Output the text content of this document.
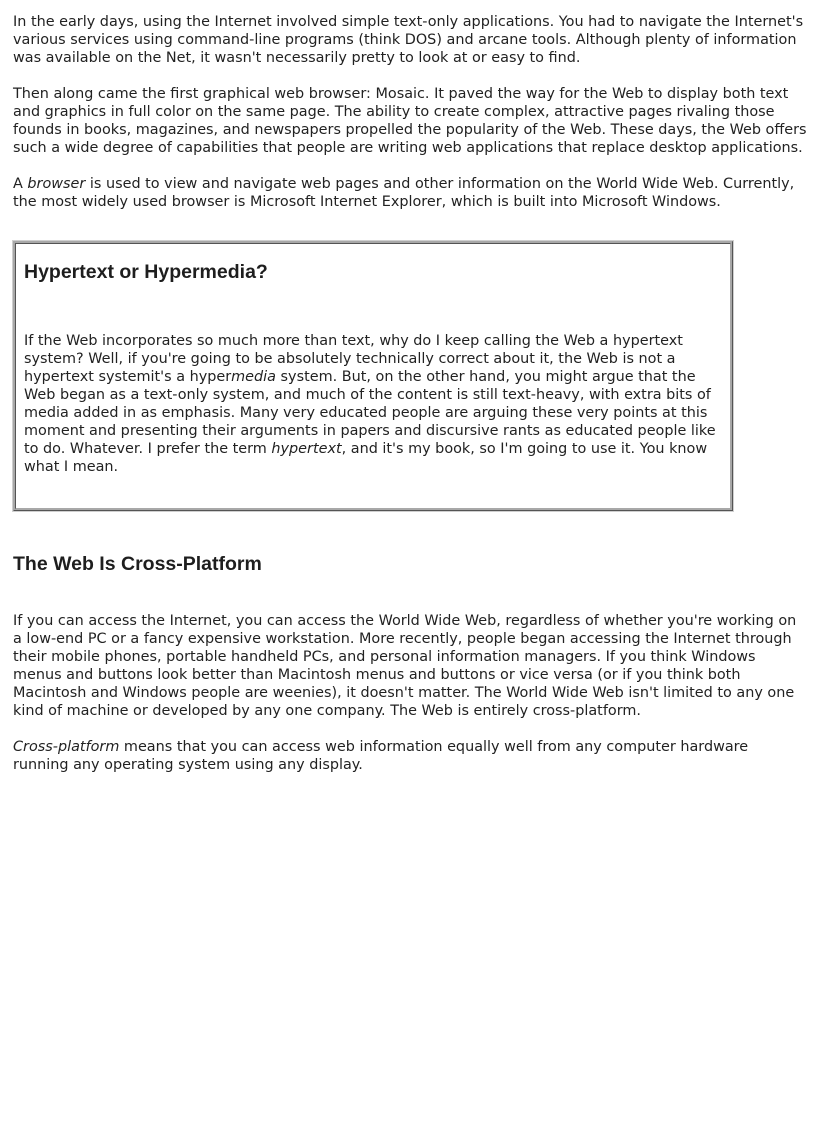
In the early days, using the Internet involved simple text-only applications. You had to navigate the Internet's various services using command-line programs (think DOS) and arcane tools. Although plenty of information was available on the Net, it wasn't necessarily pretty to look at or easy to find.

Then along came the first graphical web browser: Mosaic. It paved the way for the Web to display both text and graphics in full color on the same page. The ability to create complex, attractive pages rivaling those founds in books, magazines, and newspapers propelled the popularity of the Web. These days, the Web offers such a wide degree of capabilities that people are writing web applications that replace desktop applications.

A browser is used to view and navigate web pages and other information on the World Wide Web. Currently, the most widely used browser is Microsoft Internet Explorer, which is built into Microsoft Windows.

Hypertext or Hypermedia?

If the Web incorporates so much more than text, why do I keep calling the Web a hypertext system? Well, if you're going to be absolutely technically correct about it, the Web is not a hypertext systemit's a hypermedia system. But, on the other hand, you might argue that the Web began as a text-only system, and much of the content is still text-heavy, with extra bits of media added in as emphasis. Many very educated people are arguing these very points at this moment and presenting their arguments in papers and discursive rants as educated people like to do. Whatever. I prefer the term hypertext, and it's my book, so I'm going to use it. You know what I mean.

The Web Is Cross-Platform

If you can access the Internet, you can access the World Wide Web, regardless of whether you're working on a low-end PC or a fancy expensive workstation. More recently, people began accessing the Internet through their mobile phones, portable handheld PCs, and personal information managers. If you think Windows menus and buttons look better than Macintosh menus and buttons or vice versa (or if you think both Macintosh and Windows people are weenies), it doesn't matter. The World Wide Web isn't limited to any one kind of machine or developed by any one company. The Web is entirely cross-platform.

Cross-platform means that you can access web information equally well from any computer hardware running any operating system using any display.
